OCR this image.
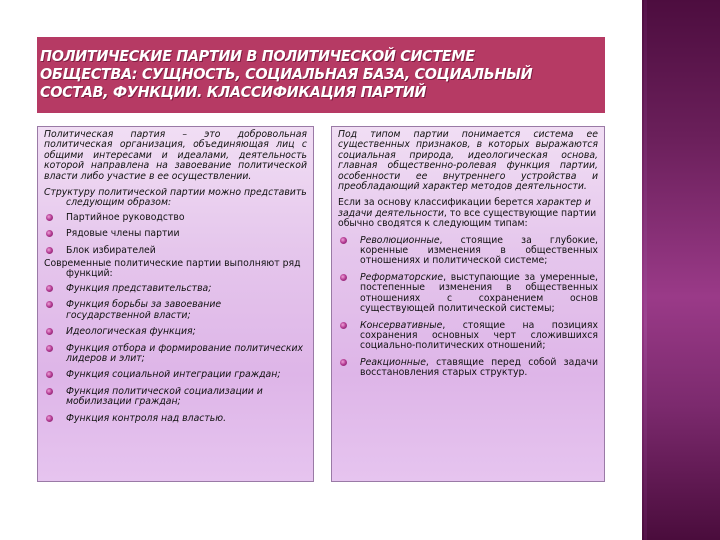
ПОЛИТИЧЕСКИЕ ПАРТИИ В ПОЛИТИЧЕСКОЙ СИСТЕМЕ
ОБЩЕСТВА: СУЩНОСТЬ, СОЦИАЛЬНАЯ БАЗА, СОЦИАЛЬНЫЙ
СОСТАВ, ФУНКЦИИ. КЛАССИФИКАЦИЯ ПАРТИЙ

Политическая партия – это добровольная политическая организация, объединяющая лиц с общими интересами и идеалами, деятельность которой направлена на завоевание политической власти либо участие в ее осуществлении.

Структуру политической партии можно представить следующим образом:

Партийное руководство
Рядовые члены партии
Блок избирателей

Современные политические партии выполняют ряд функций:

Функция представительства;
Функция борьбы за завоевание государственной власти;
Идеологическая функция;
Функция отбора и формирование политических лидеров и элит;
Функция социальной интеграции граждан;
Функция политической социализации и мобилизации граждан;
Функция контроля над властью.

Под типом партии понимается система ее существенных признаков, в которых выражаются социальная природа, идеологическая основа, главная общественно-ролевая функция партии, особенности ее внутреннего устройства и преобладающий характер методов деятельности.

Если за основу классификации берется характер и задачи деятельности, то все существующие партии обычно сводятся к следующим типам:

Революционные, стоящие за глубокие, коренные изменения в общественных отношениях и политической системе;
Реформаторские, выступающие за умеренные, постепенные изменения в общественных отношениях с сохранением основ существующей политической системы;
Консервативные, стоящие на позициях сохранения основных черт сложившихся социально-политических отношений;
Реакционные, ставящие перед собой задачи восстановления старых структур.
